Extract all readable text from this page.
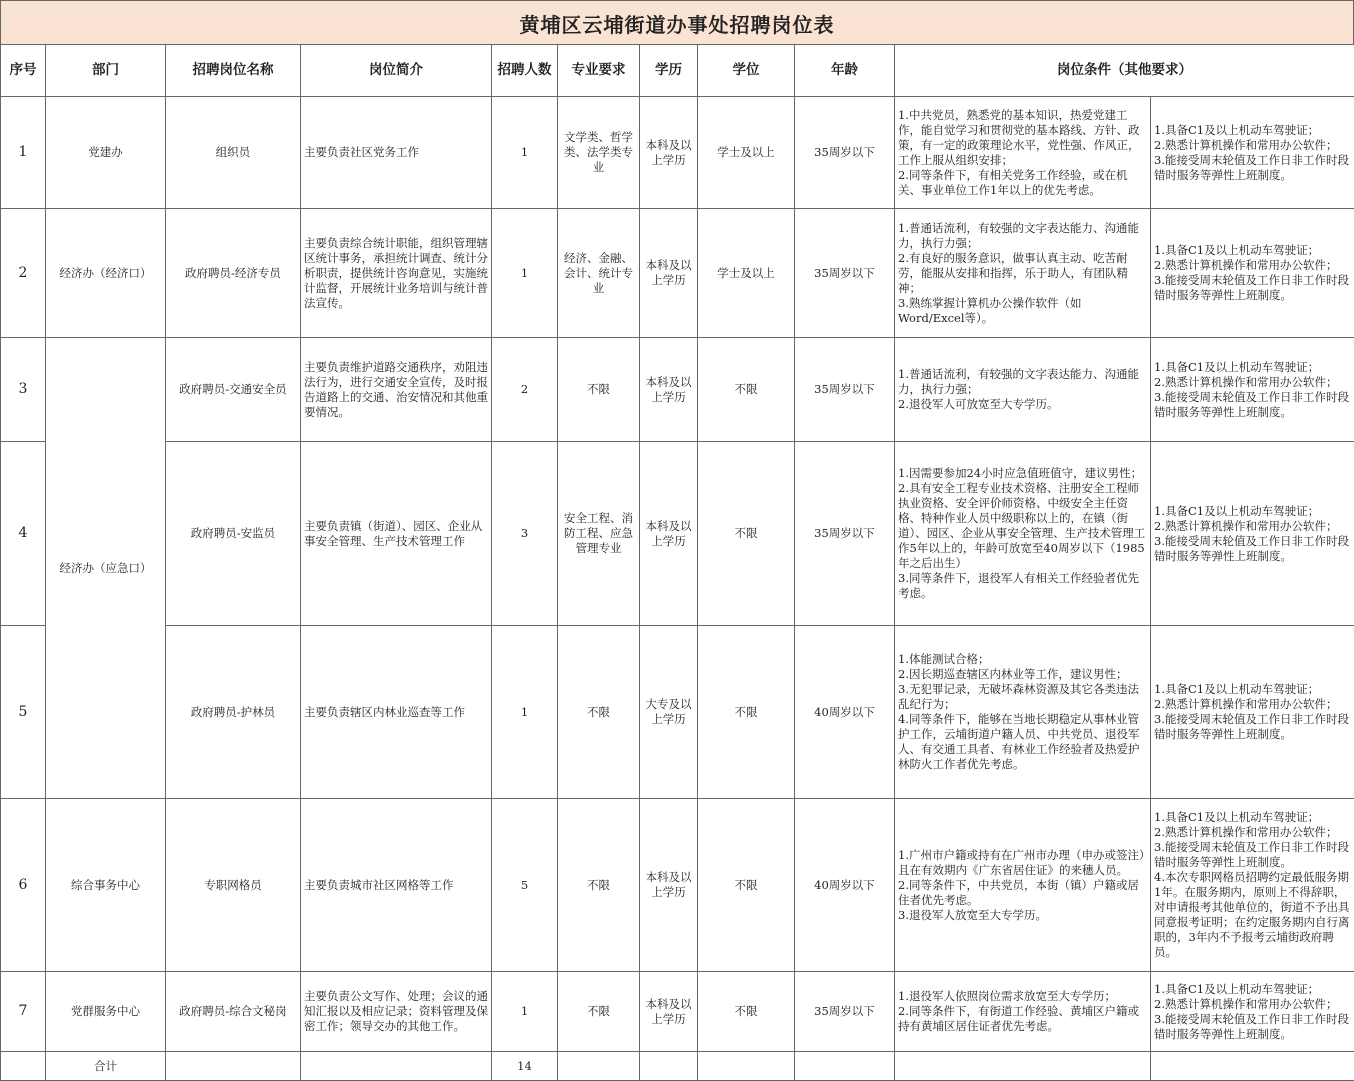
黄埔区云埔街道办事处招聘岗位表
序号	部门	招聘岗位名称	岗位简介	招聘人数	专业要求	学历	学位	年龄	岗位条件（其他要求）	
1	党建办	组织员	主要负责社区党务工作	1	文学类、哲学类、法学类专业	本科及以上学历	学士及以上	35周岁以下	1.中共党员，熟悉党的基本知识，热爱党建工作，能自觉学习和贯彻党的基本路线、方针、政策，有一定的政策理论水平，党性强、作风正，工作上服从组织安排；
2.同等条件下，有相关党务工作经验，或在机关、事业单位工作1年以上的优先考虑。	1.具备C1及以上机动车驾驶证；
2.熟悉计算机操作和常用办公软件；
3.能接受周末轮值及工作日非工作时段错时服务等弹性上班制度。
2	经济办（经济口）	政府聘员-经济专员	主要负责综合统计职能，组织管理辖区统计事务，承担统计调查、统计分析职责，提供统计咨询意见，实施统计监督，开展统计业务培训与统计普法宣传。	1	经济、金融、会计、统计专业	本科及以上学历	学士及以上	35周岁以下	1.普通话流利，有较强的文字表达能力、沟通能力，执行力强；
2.有良好的服务意识，做事认真主动、吃苦耐劳，能服从安排和指挥，乐于助人，有团队精神；
3.熟练掌握计算机办公操作软件（如Word/Excel等）。	1.具备C1及以上机动车驾驶证；
2.熟悉计算机操作和常用办公软件；
3.能接受周末轮值及工作日非工作时段错时服务等弹性上班制度。
3	经济办（应急口）	政府聘员-交通安全员	主要负责维护道路交通秩序，劝阻违法行为，进行交通安全宣传，及时报告道路上的交通、治安情况和其他重要情况。	2	不限	本科及以上学历	不限	35周岁以下	1.普通话流利，有较强的文字表达能力、沟通能力，执行力强；
2.退役军人可放宽至大专学历。	1.具备C1及以上机动车驾驶证；
2.熟悉计算机操作和常用办公软件；
3.能接受周末轮值及工作日非工作时段错时服务等弹性上班制度。
4		政府聘员-安监员	主要负责镇（街道）、园区、企业从事安全管理、生产技术管理工作	3	安全工程、消防工程、应急管理专业	本科及以上学历	不限	35周岁以下	1.因需要参加24小时应急值班值守，建议男性；
2.具有安全工程专业技术资格、注册安全工程师执业资格、安全评价师资格、中级安全主任资格、特种作业人员中级职称以上的，在镇（街道）、园区、企业从事安全管理、生产技术管理工作5年以上的，年龄可放宽至40周岁以下（1985年之后出生）
3.同等条件下，退役军人有相关工作经验者优先考虑。	1.具备C1及以上机动车驾驶证；
2.熟悉计算机操作和常用办公软件；
3.能接受周末轮值及工作日非工作时段错时服务等弹性上班制度。
5		政府聘员-护林员	主要负责辖区内林业巡查等工作	1	不限	大专及以上学历	不限	40周岁以下	1.体能测试合格；
2.因长期巡查辖区内林业等工作，建议男性；
3.无犯罪记录，无破坏森林资源及其它各类违法乱纪行为；
4.同等条件下，能够在当地长期稳定从事林业管护工作，云埔街道户籍人员、中共党员、退役军人、有交通工具者、有林业工作经验者及热爱护林防火工作者优先考虑。	1.具备C1及以上机动车驾驶证；
2.熟悉计算机操作和常用办公软件；
3.能接受周末轮值及工作日非工作时段错时服务等弹性上班制度。
6	综合事务中心	专职网格员	主要负责城市社区网格等工作	5	不限	本科及以上学历	不限	40周岁以下	1.广州市户籍或持有在广州市办理（申办或签注）且在有效期内《广东省居住证》的来穗人员。
2.同等条件下，中共党员，本街（镇）户籍或居住者优先考虑。
3.退役军人放宽至大专学历。	1.具备C1及以上机动车驾驶证；
2.熟悉计算机操作和常用办公软件；
3.能接受周末轮值及工作日非工作时段错时服务等弹性上班制度。
4.本次专职网格员招聘约定最低服务期1年。在服务期内，原则上不得辞职，对申请报考其他单位的，街道不予出具同意报考证明；在约定服务期内自行离职的，3年内不予报考云埔街政府聘员。
7	党群服务中心	政府聘员-综合文秘岗	主要负责公文写作、处理；会议的通知汇报以及相应记录；资料管理及保密工作；领导交办的其他工作。	1	不限	本科及以上学历	不限	35周岁以下	1.退役军人依照岗位需求放宽至大专学历；
2.同等条件下，有街道工作经验、黄埔区户籍或持有黄埔区居住证者优先考虑。	1.具备C1及以上机动车驾驶证；
2.熟悉计算机操作和常用办公软件；
3.能接受周末轮值及工作日非工作时段错时服务等弹性上班制度。
	合计			14						
